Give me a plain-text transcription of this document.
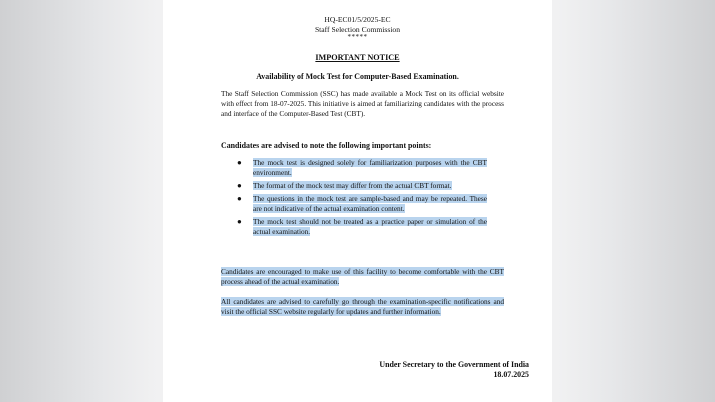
HQ-EC01/5/2025-EC
Staff Selection Commission
*****
IMPORTANT NOTICE
Availability of Mock Test for Computer-Based Examination.
The Staff Selection Commission (SSC) has made available a Mock Test on its official website with effect from 18-07-2025. This initiative is aimed at familiarizing candidates with the process and interface of the Computer-Based Test (CBT).
Candidates are advised to note the following important points:
● The mock test is designed solely for familiarization purposes with the CBT environment.
● The format of the mock test may differ from the actual CBT format.
● The questions in the mock test are sample-based and may be repeated. These are not indicative of the actual examination content.
● The mock test should not be treated as a practice paper or simulation of the actual examination.
Candidates are encouraged to make use of this facility to become comfortable with the CBT process ahead of the actual examination.
All candidates are advised to carefully go through the examination-specific notifications and visit the official SSC website regularly for updates and further information.
Under Secretary to the Government of India
18.07.2025
